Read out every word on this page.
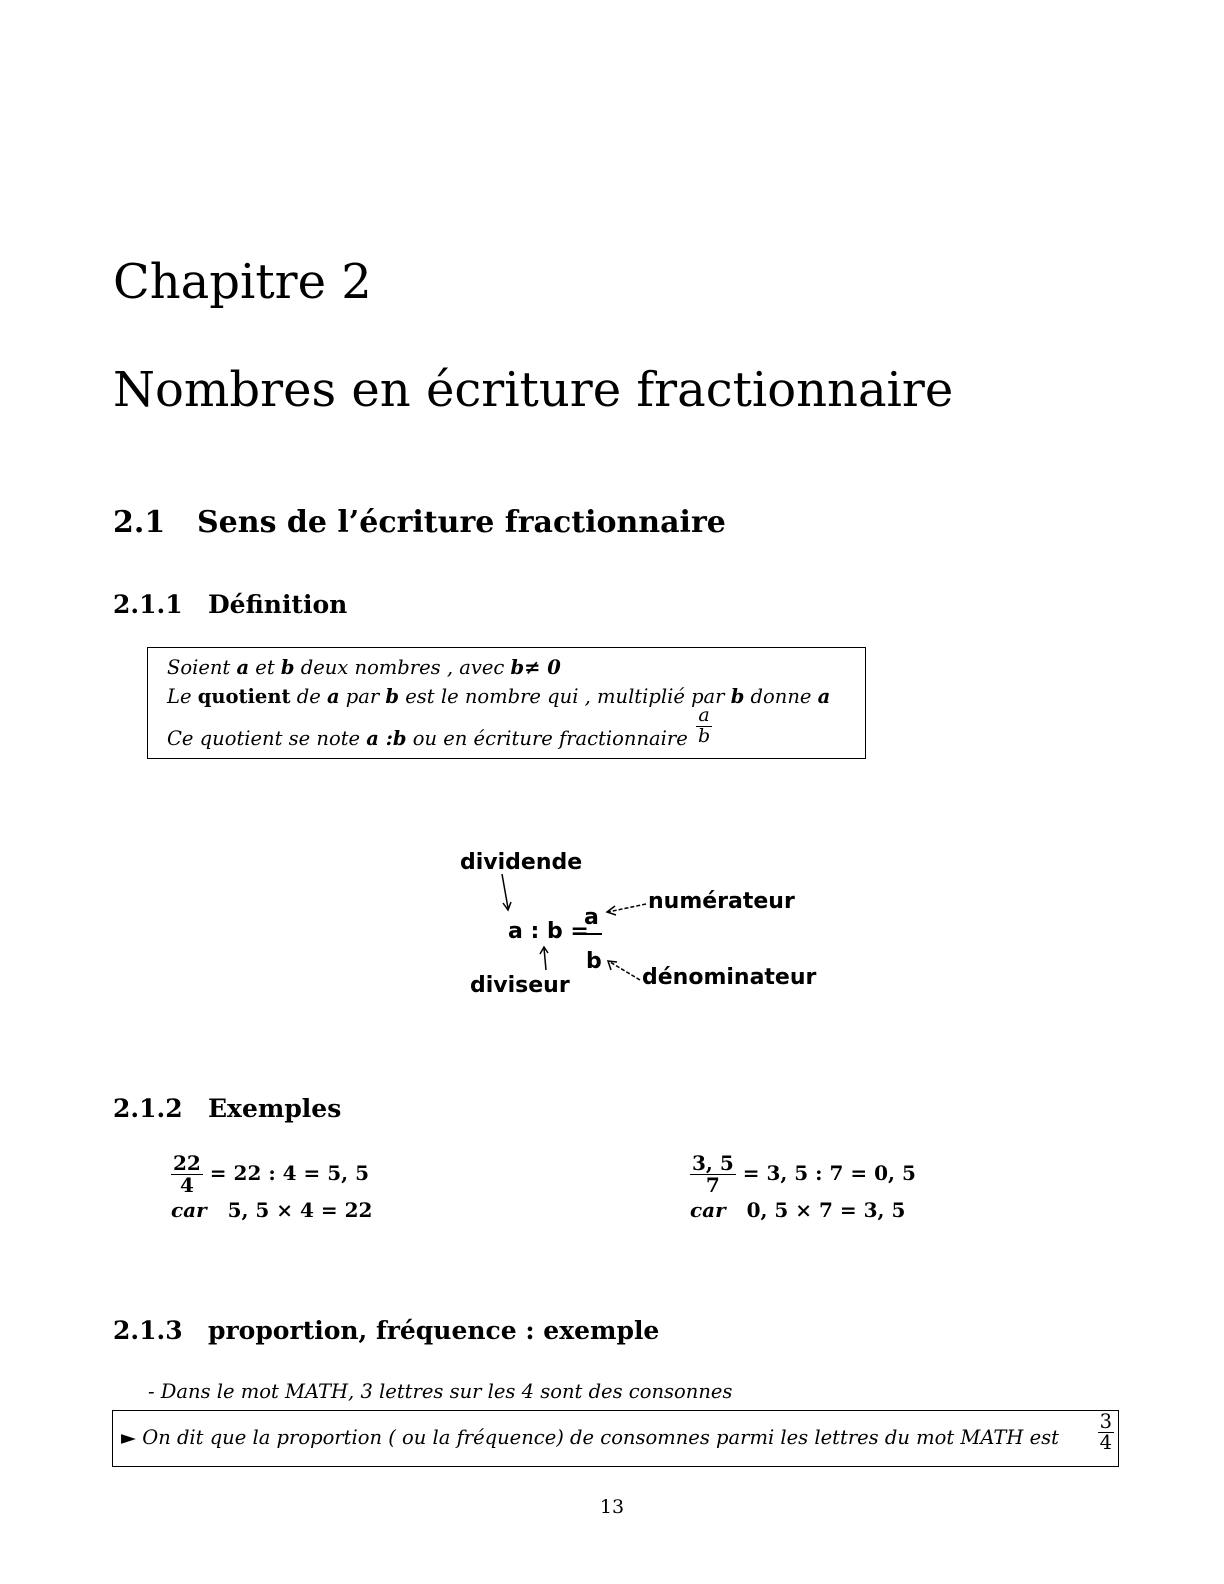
Chapitre 2
Nombres en écriture fractionnaire
2.1 Sens de l’écriture fractionnaire
2.1.1 Définition
Soient a et b deux nombres , avec b≠ 0
Le quotient de a par b est le nombre qui , multiplié par b donne a
Ce quotient se note a :b ou en écriture fractionnaire $\frac{a}{b}$
dividende
a : b =
a
b
diviseur
numérateur
dénominateur
2.1.2 Exemples
$\frac{22}{4} = 22$ : 4 = 5, 5
car 5, 5 × 4 = 22
$\frac{3, 5}{7} = 3$, 5 : 7 = 0, 5
car 0, 5 × 7 = 3, 5
2.1.3 proportion, fréquence : exemple
- Dans le mot MATH, 3 lettres sur les 4 sont des consonnes
► On dit que la proportion ( ou la fréquence) de consomnes parmi les lettres du mot MATH est $\frac{3}{4}$
13
